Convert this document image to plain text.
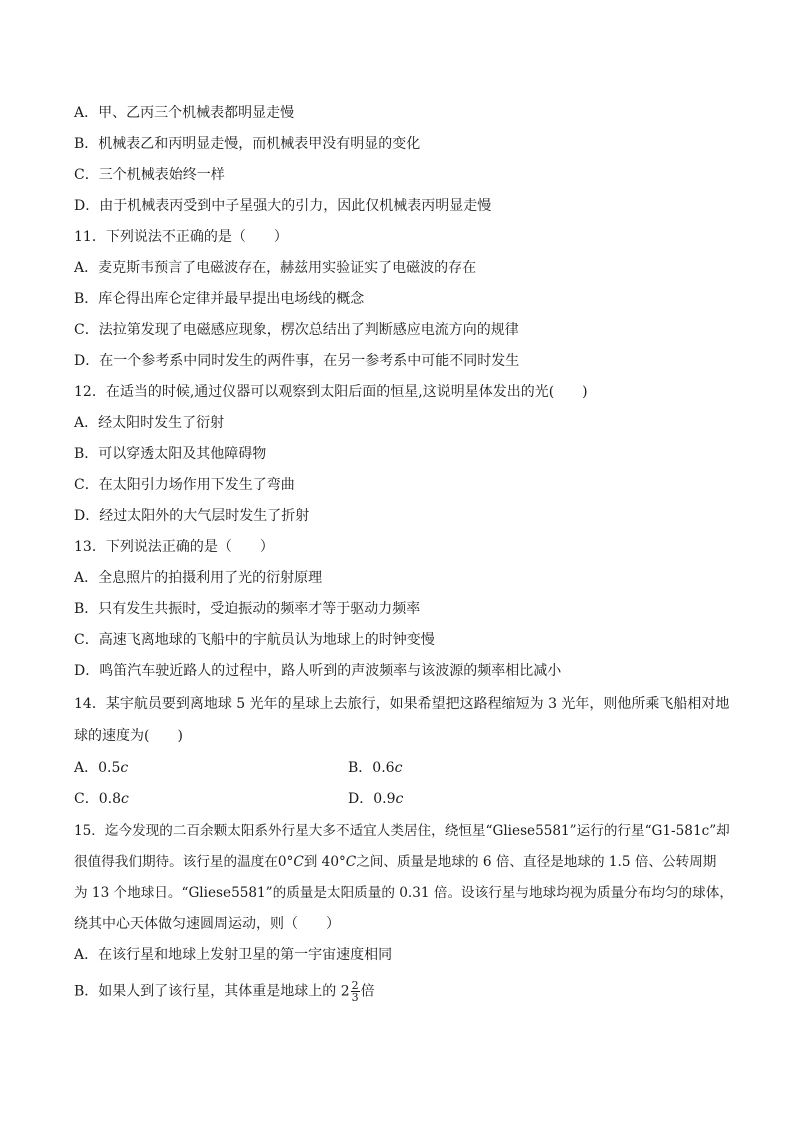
A．甲、乙丙三个机械表都明显走慢
B．机械表乙和丙明显走慢，而机械表甲没有明显的变化
C．三个机械表始终一样
D．由于机械表丙受到中子星强大的引力，因此仅机械表丙明显走慢
11．下列说法不正确的是（　　）
A．麦克斯韦预言了电磁波存在，赫兹用实验证实了电磁波的存在
B．库仑得出库仑定律并最早提出电场线的概念
C．法拉第发现了电磁感应现象，楞次总结出了判断感应电流方向的规律
D．在一个参考系中同时发生的两件事，在另一参考系中可能不同时发生
12．在适当的时候,通过仪器可以观察到太阳后面的恒星,这说明星体发出的光(　　)
A．经太阳时发生了衍射
B．可以穿透太阳及其他障碍物
C．在太阳引力场作用下发生了弯曲
D．经过太阳外的大气层时发生了折射
13．下列说法正确的是（　　）
A．全息照片的拍摄利用了光的衍射原理
B．只有发生共振时，受迫振动的频率才等于驱动力频率
C．高速飞离地球的飞船中的宇航员认为地球上的时钟变慢
D．鸣笛汽车驶近路人的过程中，路人听到的声波频率与该波源的频率相比减小
14．某宇航员要到离地球 5 光年的星球上去旅行，如果希望把这路程缩短为 3 光年，则他所乘飞船相对地
球的速度为(　　)
A．0.5c	B．0.6c
C．0.8c	D．0.9c
15．迄今发现的二百余颗太阳系外行星大多不适宜人类居住，绕恒星“Gliese5581”运行的行星“G1-581c”却
很值得我们期待。该行星的温度在0°C到 40°C之间、质量是地球的 6 倍、直径是地球的 1.5 倍、公转周期
为 13 个地球日。“Gliese5581”的质量是太阳质量的 0.31 倍。设该行星与地球均视为质量分布均匀的球体，
绕其中心天体做匀速圆周运动，则（　　）
A．在该行星和地球上发射卫星的第一宇宙速度相同
B．如果人到了该行星，其体重是地球上的 $2 \frac{2}{3}$ 倍
